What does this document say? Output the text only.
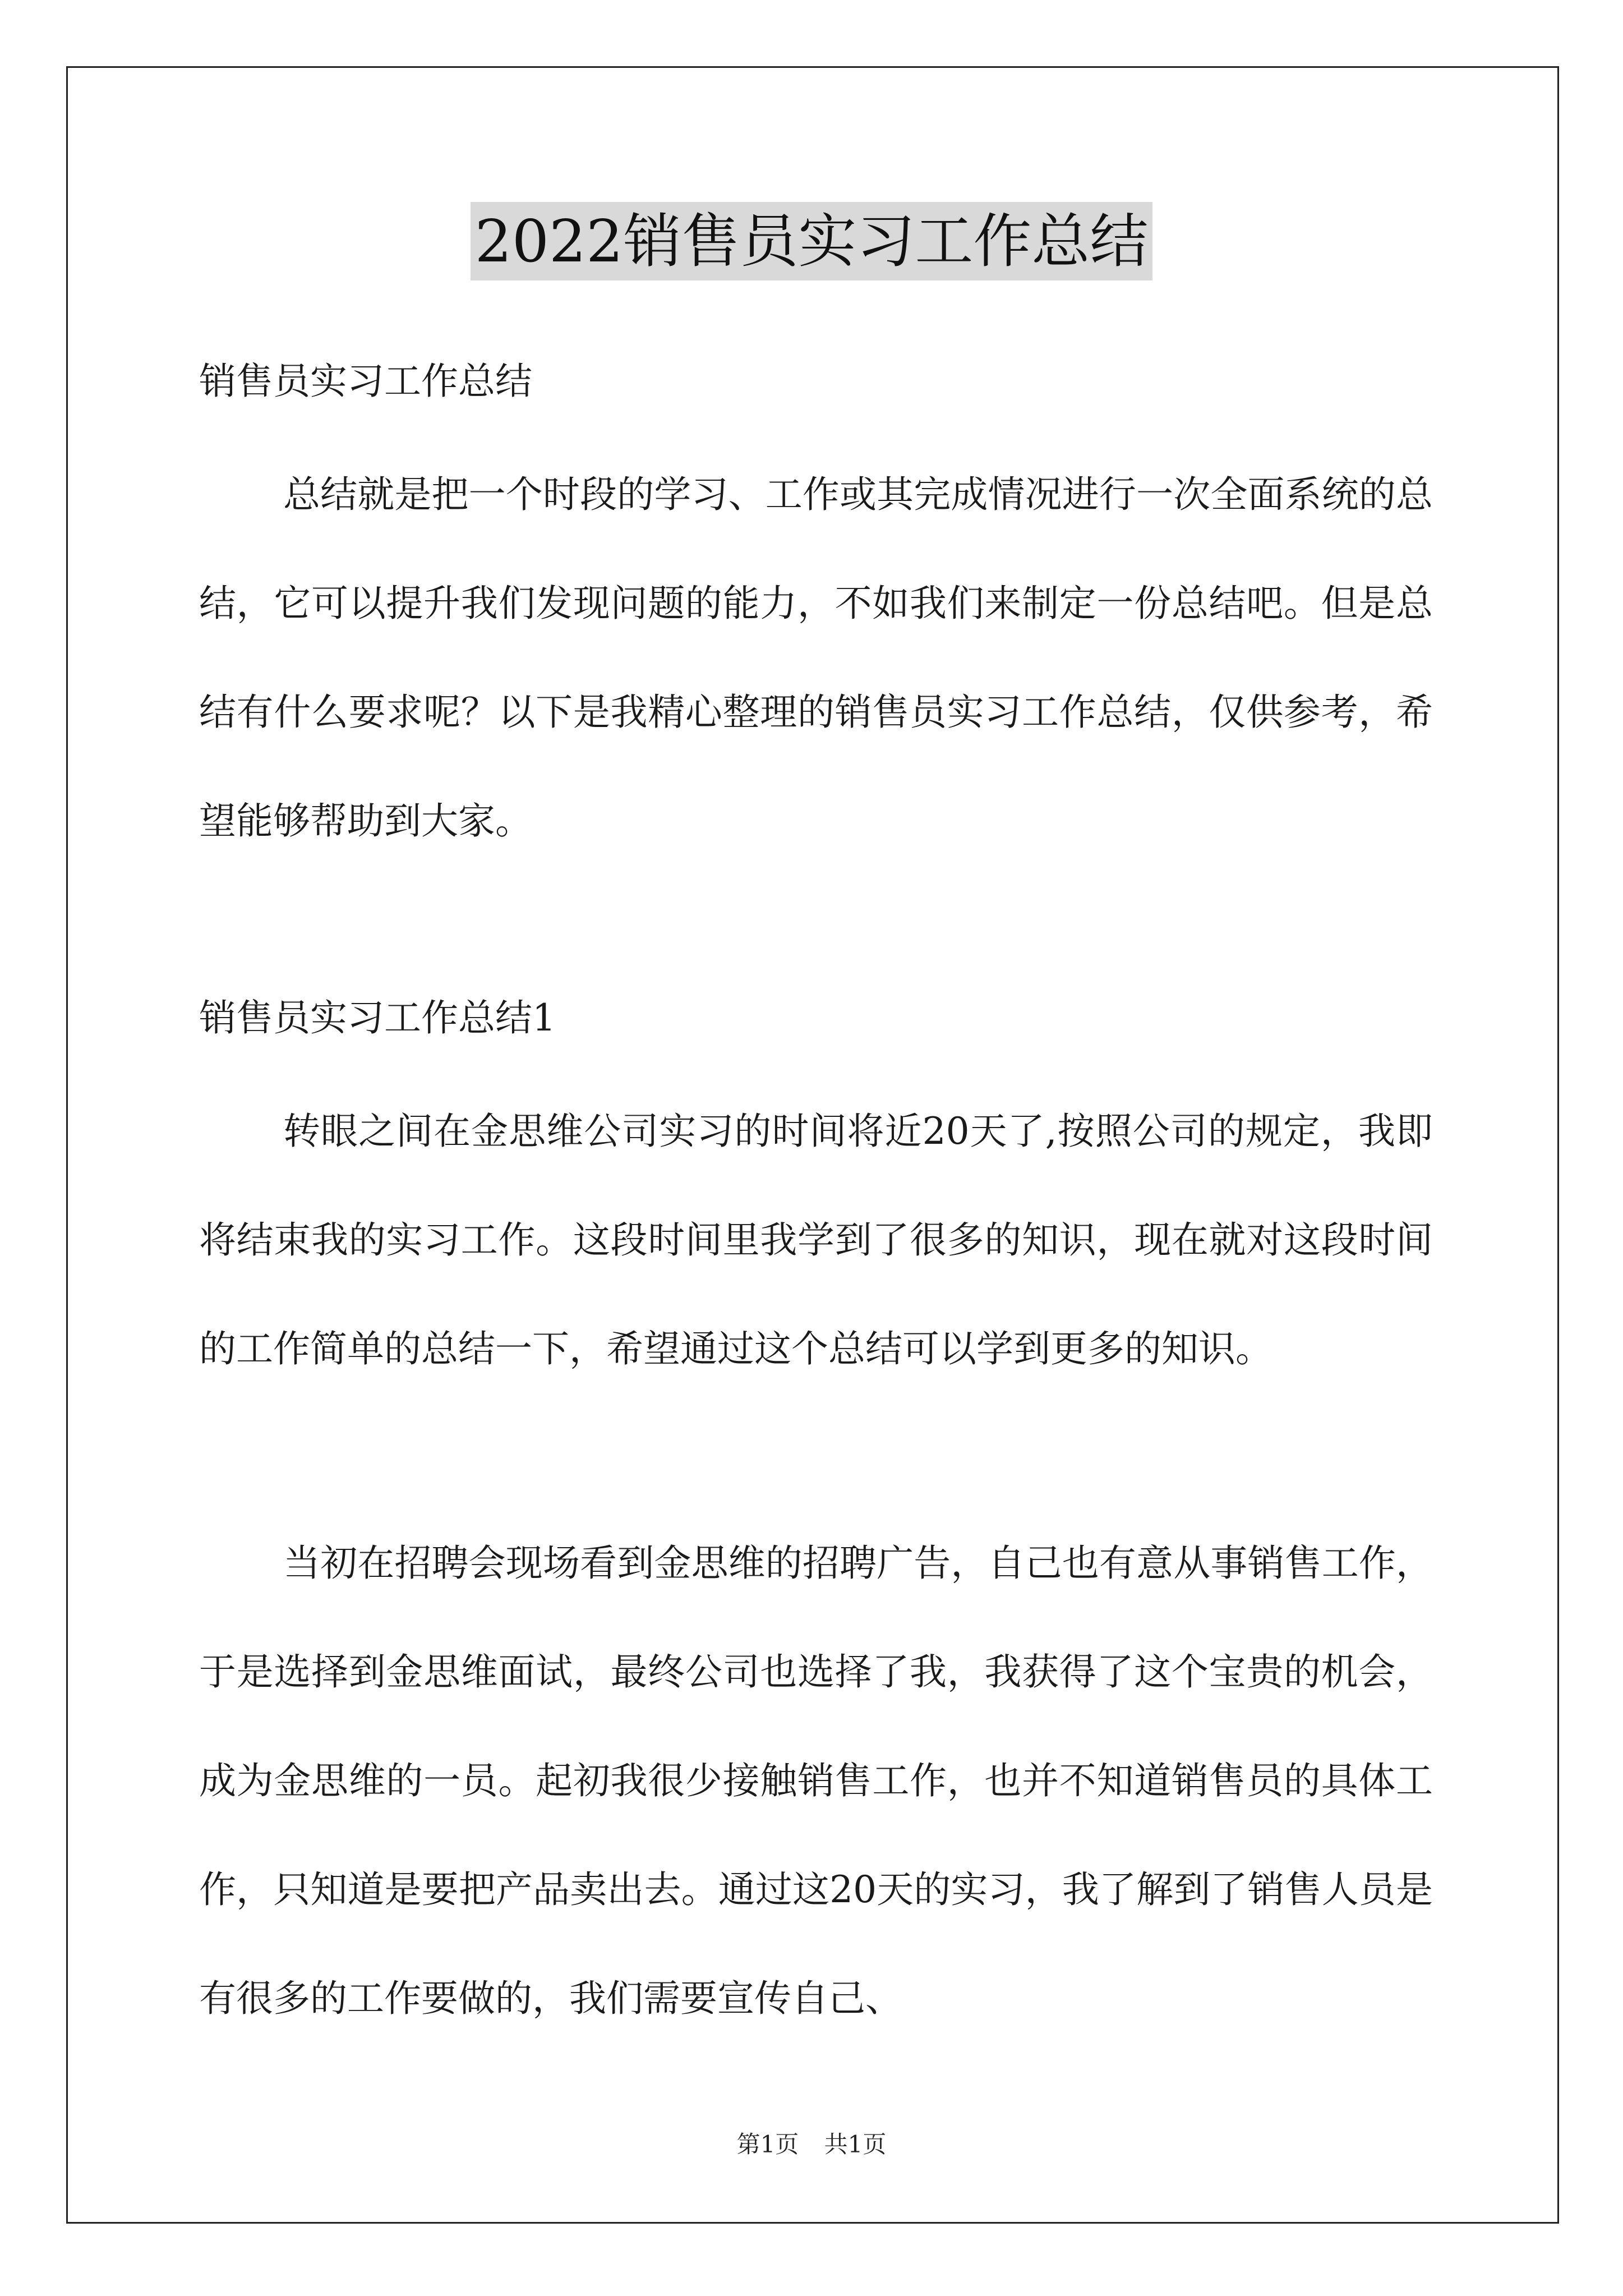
2022销售员实习工作总结
销售员实习工作总结
总结就是把一个时段的学习、工作或其完成情况进行一次全面系统的总结，它可以提升我们发现问题的能力，不如我们来制定一份总结吧。但是总结有什么要求呢？以下是我精心整理的销售员实习工作总结，仅供参考，希望能够帮助到大家。
销售员实习工作总结1
转眼之间在金思维公司实习的时间将近20天了,按照公司的规定，我即将结束我的实习工作。这段时间里我学到了很多的知识，现在就对这段时间的工作简单的总结一下，希望通过这个总结可以学到更多的知识。
当初在招聘会现场看到金思维的招聘广告，自己也有意从事销售工作，于是选择到金思维面试，最终公司也选择了我，我获得了这个宝贵的机会，成为金思维的一员。起初我很少接触销售工作，也并不知道销售员的具体工作，只知道是要把产品卖出去。通过这20天的实习，我了解到了销售人员是有很多的工作要做的，我们需要宣传自己、
第1页 共1页
